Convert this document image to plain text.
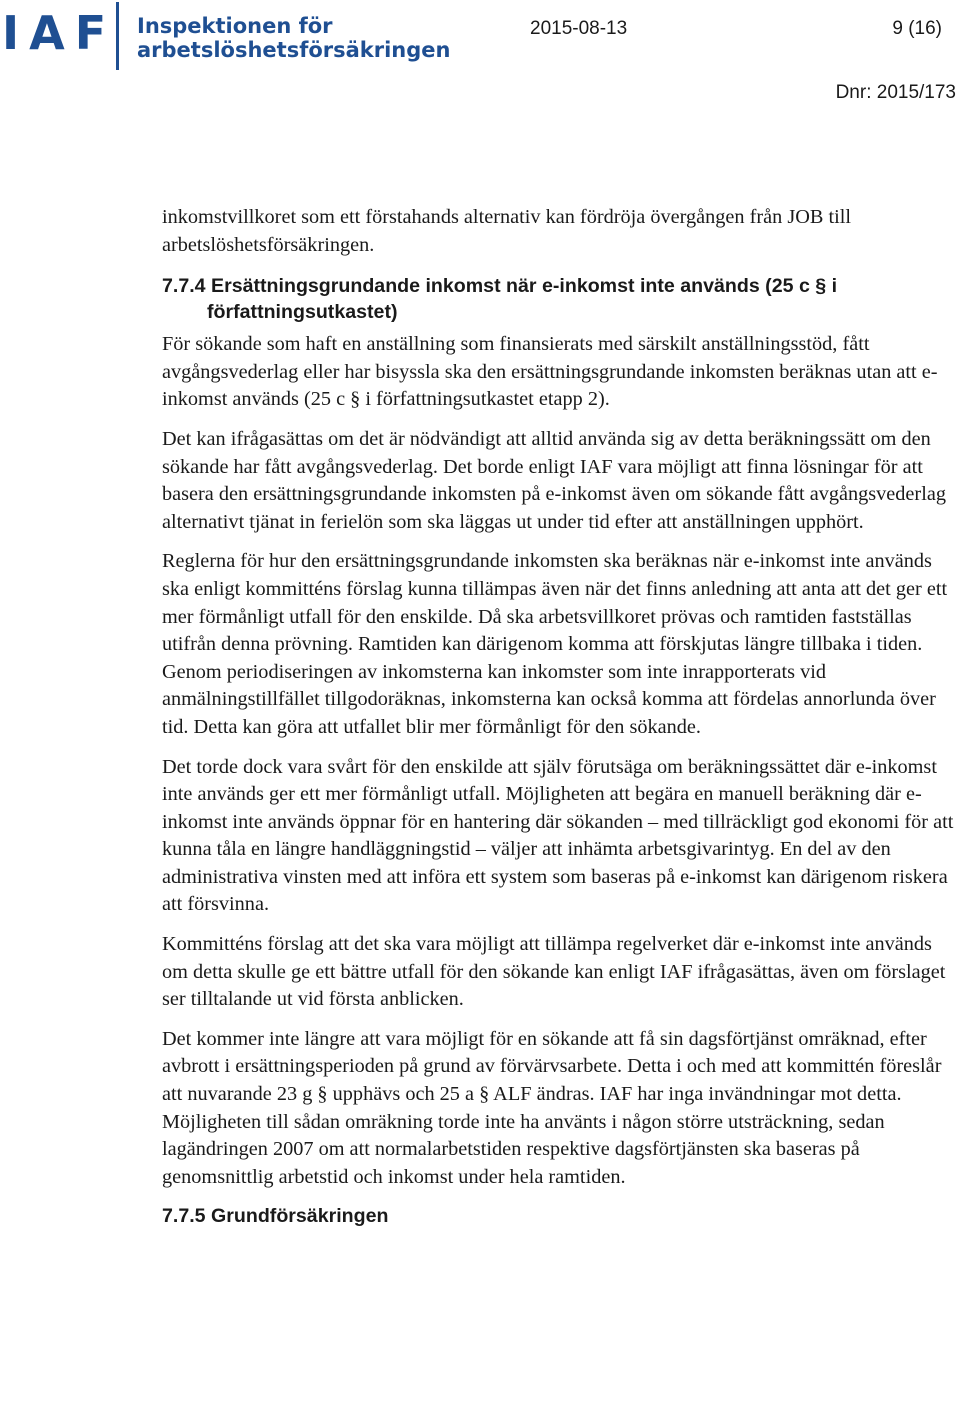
IAF Inspektionen för
arbetslöshetsförsäkringen
2015-08-13	9 (16)
Dnr: 2015/173

inkomstvillkoret som ett förstahands alternativ kan fördröja övergången från JOB till arbetslöshetsförsäkringen.

7.7.4 Ersättningsgrundande inkomst när e-inkomst inte används (25 c § i
författningsutkastet)

För sökande som haft en anställning som finansierats med särskilt anställningsstöd, fått avgångsvederlag eller har bisyssla ska den ersättningsgrundande inkomsten beräknas utan att e-inkomst används (25 c § i författningsutkastet etapp 2).

Det kan ifrågasättas om det är nödvändigt att alltid använda sig av detta beräkningssätt om den sökande har fått avgångsvederlag. Det borde enligt IAF vara möjligt att finna lösningar för att basera den ersättningsgrundande inkomsten på e-inkomst även om sökande fått avgångsvederlag alternativt tjänat in ferielön som ska läggas ut under tid efter att anställningen upphört.

Reglerna för hur den ersättningsgrundande inkomsten ska beräknas när e-inkomst inte används ska enligt kommitténs förslag kunna tillämpas även när det finns anledning att anta att det ger ett mer förmånligt utfall för den enskilde. Då ska arbetsvillkoret prövas och ramtiden fastställas utifrån denna prövning. Ramtiden kan därigenom komma att förskjutas längre tillbaka i tiden. Genom periodiseringen av inkomsterna kan inkomster som inte inrapporterats vid anmälningstillfället tillgodoräknas, inkomsterna kan också komma att fördelas annorlunda över tid. Detta kan göra att utfallet blir mer förmånligt för den sökande.

Det torde dock vara svårt för den enskilde att själv förutsäga om beräkningssättet där e-inkomst inte används ger ett mer förmånligt utfall. Möjligheten att begära en manuell beräkning där e-inkomst inte används öppnar för en hantering där sökanden – med tillräckligt god ekonomi för att kunna tåla en längre handläggningstid – väljer att inhämta arbetsgivarintyg. En del av den administrativa vinsten med att införa ett system som baseras på e-inkomst kan därigenom riskera att försvinna.

Kommitténs förslag att det ska vara möjligt att tillämpa regelverket där e-inkomst inte används om detta skulle ge ett bättre utfall för den sökande kan enligt IAF ifrågasättas, även om förslaget ser tilltalande ut vid första anblicken.

Det kommer inte längre att vara möjligt för en sökande att få sin dagsförtjänst omräknad, efter avbrott i ersättningsperioden på grund av förvärvsarbete. Detta i och med att kommittén föreslår att nuvarande 23 g § upphävs och 25 a § ALF ändras. IAF har inga invändningar mot detta. Möjligheten till sådan omräkning torde inte ha använts i någon större utsträckning, sedan lagändringen 2007 om att normalarbetstiden respektive dagsförtjänsten ska baseras på genomsnittlig arbetstid och inkomst under hela ramtiden.

7.7.5 Grundförsäkringen
